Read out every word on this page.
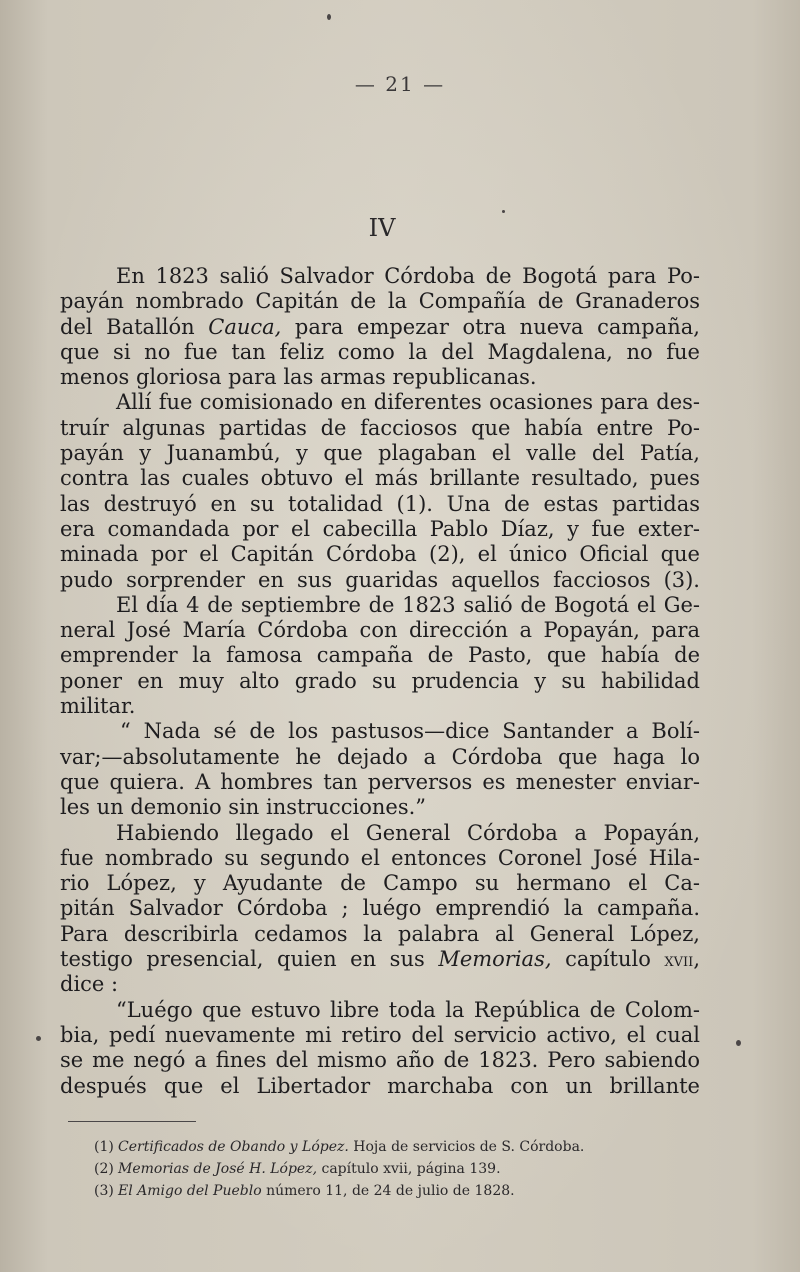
— 21 —
IV
En 1823 salió Salvador Córdoba de Bogotá para Po-
payán nombrado Capitán de la Compañía de Granaderos
del Batallón Cauca, para empezar otra nueva campaña,
que si no fue tan feliz como la del Magdalena, no fue
menos gloriosa para las armas republicanas.
Allí fue comisionado en diferentes ocasiones para des-
truír algunas partidas de facciosos que había entre Po-
payán y Juanambú, y que plagaban el valle del Patía,
contra las cuales obtuvo el más brillante resultado, pues
las destruyó en su totalidad (1). Una de estas partidas
era comandada por el cabecilla Pablo Díaz, y fue exter-
minada por el Capitán Córdoba (2), el único Oficial que
pudo sorprender en sus guaridas aquellos facciosos (3).
El día 4 de septiembre de 1823 salió de Bogotá el Ge-
neral José María Córdoba con dirección a Popayán, para
emprender la famosa campaña de Pasto, que había de
poner en muy alto grado su prudencia y su habilidad
militar.
“ Nada sé de los pastusos—dice Santander a Bolí-
var;—absolutamente he dejado a Córdoba que haga lo
que quiera. A hombres tan perversos es menester enviar-
les un demonio sin instrucciones.”
Habiendo llegado el General Córdoba a Popayán,
fue nombrado su segundo el entonces Coronel José Hila-
rio López, y Ayudante de Campo su hermano el Ca-
pitán Salvador Córdoba ; luégo emprendió la campaña.
Para describirla cedamos la palabra al General López,
testigo presencial, quien en sus Memorias, capítulo xvii,
dice :
“Luégo que estuvo libre toda la República de Colom-
bia, pedí nuevamente mi retiro del servicio activo, el cual
se me negó a fines del mismo año de 1823. Pero sabiendo
después que el Libertador marchaba con un brillante
(1) Certificados de Obando y López. Hoja de servicios de S. Córdoba.
(2) Memorias de José H. López, capítulo xvii, página 139.
(3) El Amigo del Pueblo número 11, de 24 de julio de 1828.
